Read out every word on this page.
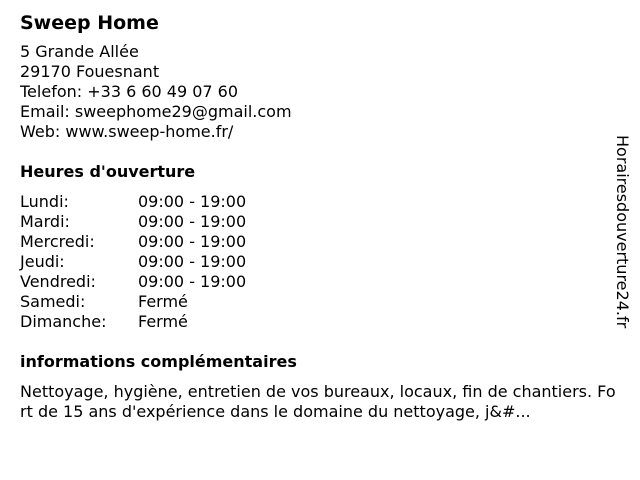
Sweep Home
5 Grande Allée
29170 Fouesnant
Telefon: +33 6 60 49 07 60
Email: sweephome29@gmail.com
Web: www.sweep-home.fr/
Heures d'ouverture
Lundi:	09:00 - 19:00
Mardi:	09:00 - 19:00
Mercredi:	09:00 - 19:00
Jeudi:	09:00 - 19:00
Vendredi:	09:00 - 19:00
Samedi:	Fermé
Dimanche:	Fermé
informations complémentaires
Nettoyage, hygiène, entretien de vos bureaux, locaux, fin de chantiers. Fort de 15 ans d'expérience dans le domaine du nettoyage, j&#...
Horairesdouverture24.fr
